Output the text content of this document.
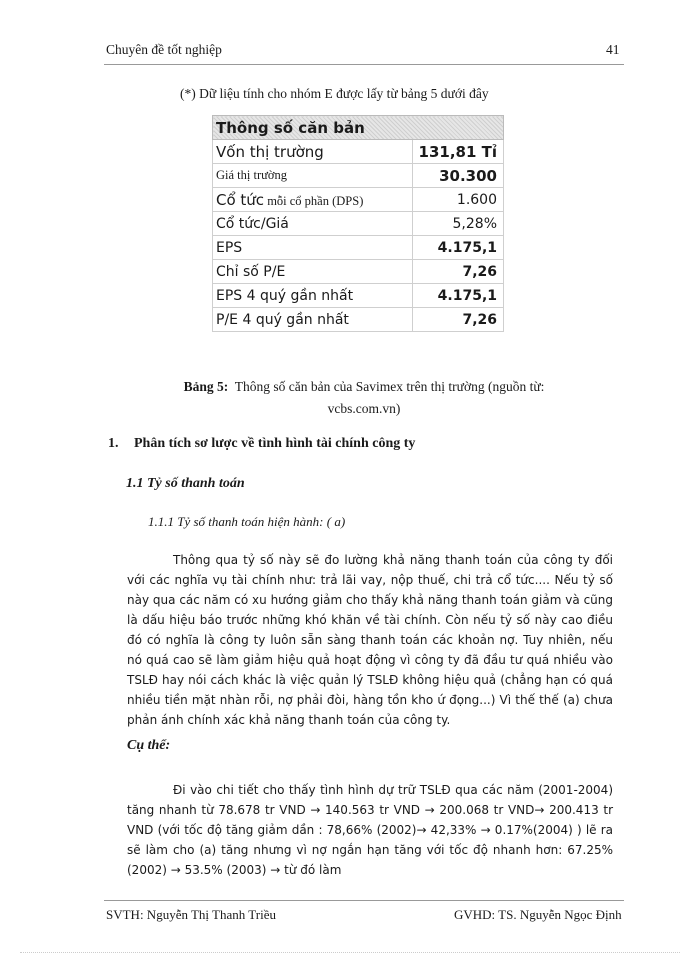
Chuyên đề tốt nghiệp	41
(*) Dữ liệu tính cho nhóm E được lấy từ bảng 5 dưới đây
Thông số căn bản	
Vốn thị trường	131,81 Tỉ
Giá thị trường	30.300
Cổ tức mỗi cổ phần (DPS)	1.600
Cổ tức/Giá	5,28%
EPS	4.175,1
Chỉ số P/E	7,26
EPS 4 quý gần nhất	4.175,1
P/E 4 quý gần nhất	7,26
Bảng 5: Thông số căn bản của Savimex trên thị trường (nguồn từ:
vcbs.com.vn)
1. Phân tích sơ lược về tình hình tài chính công ty
1.1 Tỷ số thanh toán
1.1.1 Tỷ số thanh toán hiện hành: ( a)
Thông qua tỷ số này sẽ đo lường khả năng thanh toán của công ty đối với các nghĩa vụ tài chính như: trả lãi vay, nộp thuế, chi trả cổ tức.... Nếu tỷ số này qua các năm có xu hướng giảm cho thấy khả năng thanh toán giảm và cũng là dấu hiệu báo trước những khó khăn về tài chính. Còn nếu tỷ số này cao điều đó có nghĩa là công ty luôn sẵn sàng thanh toán các khoản nợ. Tuy nhiên, nếu nó quá cao sẽ làm giảm hiệu quả hoạt động vì công ty đã đầu tư quá nhiều vào TSLĐ hay nói cách khác là việc quản lý TSLĐ không hiệu quả (chẳng hạn có quá nhiều tiền mặt nhàn rỗi, nợ phải đòi, hàng tồn kho ứ đọng...) Vì thế thế (a) chưa phản ánh chính xác khả năng thanh toán của công ty.
Cụ thể:
Đi vào chi tiết cho thấy tình hình dự trữ TSLĐ qua các năm (2001-2004) tăng nhanh từ 78.678 tr VND → 140.563 tr VND → 200.068 tr VND→ 200.413 tr VND (với tốc độ tăng giảm dần : 78,66% (2002)→ 42,33% → 0.17%(2004) ) lẽ ra sẽ làm cho (a) tăng nhưng vì nợ ngắn hạn tăng với tốc độ nhanh hơn: 67.25% (2002) → 53.5% (2003) → từ đó làm
SVTH: Nguyễn Thị Thanh Triều	GVHD: TS. Nguyễn Ngọc Định
